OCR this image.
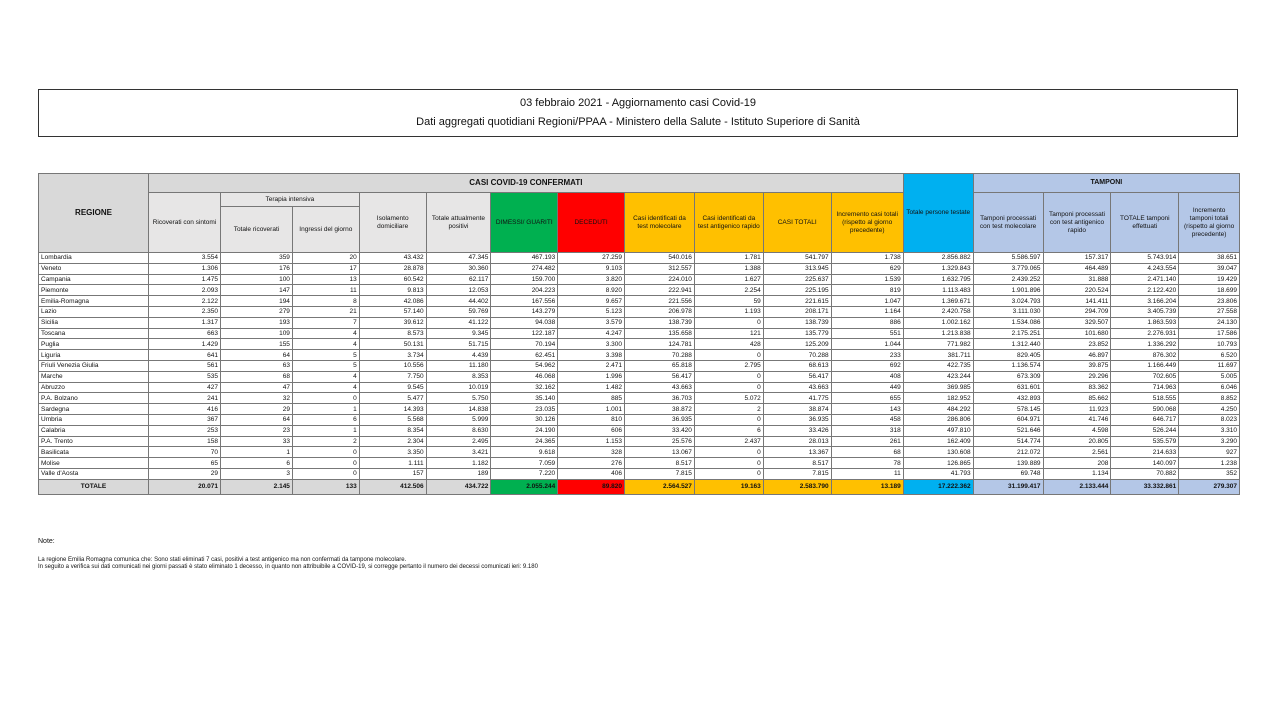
03 febbraio 2021 - Aggiornamento casi Covid-19
Dati aggregati quotidiani Regioni/PPAA - Ministero della Salute - Istituto Superiore di Sanità
REGIONE	CASI COVID-19 CONFERMATI											Totale persone testate	TAMPONI			
	Ricoverati con sintomi	Terapia intensiva		Isolamento domiciliare	Totale attualmente positivi	DIMESSI/ GUARITI	DECEDUTI	Casi identificati da test molecolare	Casi identificati da test antigenico rapido	CASI TOTALI	Incremento casi totali (rispetto al giorno precedente)		Tamponi processati con test molecolare	Tamponi processati con test antigenico rapido	TOTALE tamponi effettuati	Incremento tamponi totali (rispetto al giorno precedente)
		Totale ricoverati	Ingressi del giorno													
Lombardia	3.554	359	20	43.432	47.345	467.193	27.259	540.016	1.781	541.797	1.738	2.856.882	5.586.597	157.317	5.743.914	38.651
Veneto	1.306	176	17	28.878	30.360	274.482	9.103	312.557	1.388	313.945	629	1.329.843	3.779.065	464.489	4.243.554	39.047
Campania	1.475	100	13	60.542	62.117	159.700	3.820	224.010	1.627	225.637	1.539	1.632.795	2.439.252	31.888	2.471.140	19.429
Piemonte	2.093	147	11	9.813	12.053	204.223	8.920	222.941	2.254	225.195	819	1.113.483	1.901.896	220.524	2.122.420	18.699
Emilia-Romagna	2.122	194	8	42.086	44.402	167.556	9.657	221.556	59	221.615	1.047	1.369.671	3.024.793	141.411	3.166.204	23.806
Lazio	2.350	279	21	57.140	59.769	143.279	5.123	206.978	1.193	208.171	1.164	2.420.758	3.111.030	294.709	3.405.739	27.558
Sicilia	1.317	193	7	39.612	41.122	94.038	3.579	138.739	0	138.739	886	1.002.162	1.534.086	329.507	1.863.593	24.130
Toscana	663	109	4	8.573	9.345	122.187	4.247	135.658	121	135.779	551	1.213.838	2.175.251	101.680	2.276.931	17.586
Puglia	1.429	155	4	50.131	51.715	70.194	3.300	124.781	428	125.209	1.044	771.982	1.312.440	23.852	1.336.292	10.793
Liguria	641	64	5	3.734	4.439	62.451	3.398	70.288	0	70.288	233	381.711	829.405	46.897	876.302	6.520
Friuli Venezia Giulia	561	63	5	10.556	11.180	54.962	2.471	65.818	2.795	68.613	692	422.735	1.136.574	39.875	1.166.449	11.697
Marche	535	68	4	7.750	8.353	46.068	1.996	56.417	0	56.417	408	423.244	673.309	29.296	702.605	5.005
Abruzzo	427	47	4	9.545	10.019	32.162	1.482	43.663	0	43.663	449	369.985	631.601	83.362	714.963	6.046
P.A. Bolzano	241	32	0	5.477	5.750	35.140	885	36.703	5.072	41.775	655	182.952	432.893	85.662	518.555	8.852
Sardegna	416	29	1	14.393	14.838	23.035	1.001	38.872	2	38.874	143	484.292	578.145	11.923	590.068	4.250
Umbria	367	64	6	5.568	5.999	30.126	810	36.935	0	36.935	458	286.806	604.971	41.746	646.717	8.023
Calabria	253	23	1	8.354	8.630	24.190	606	33.420	6	33.426	318	497.810	521.646	4.598	526.244	3.310
P.A. Trento	158	33	2	2.304	2.495	24.365	1.153	25.576	2.437	28.013	261	162.409	514.774	20.805	535.579	3.290
Basilicata	70	1	0	3.350	3.421	9.618	328	13.067	0	13.367	68	130.608	212.072	2.561	214.633	927
Molise	65	6	0	1.111	1.182	7.059	276	8.517	0	8.517	78	126.865	139.889	208	140.097	1.238
Valle d'Aosta	29	3	0	157	189	7.220	406	7.815	0	7.815	11	41.793	69.748	1.134	70.882	352
TOTALE	20.071	2.145	133	412.506	434.722	2.055.244	89.820	2.564.527	19.163	2.583.790	13.189	17.222.362	31.199.417	2.133.444	33.332.861	279.307
Note:
La regione Emilia Romagna comunica che: Sono stati eliminati 7 casi, positivi a test antigenico ma non confermati da tampone molecolare.
In seguito a verifica sui dati comunicati nei giorni passati è stato eliminato 1 decesso, in quanto non attribuibile a COVID-19, si corregge pertanto il numero dei decessi comunicati ieri: 9.180
